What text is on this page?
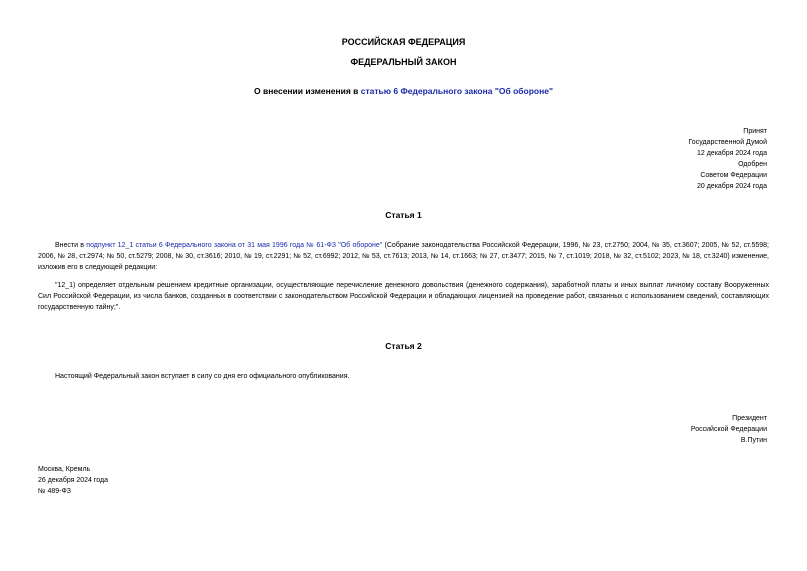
РОССИЙСКАЯ ФЕДЕРАЦИЯ
ФЕДЕРАЛЬНЫЙ ЗАКОН
О внесении изменения в статью 6 Федерального закона "Об обороне"
Принят
Государственной Думой
12 декабря 2024 года
Одобрен
Советом Федерации
20 декабря 2024 года
Статья 1
Внести в подпункт 12_1 статьи 6 Федерального закона от 31 мая 1996 года № 61-ФЗ "Об обороне" (Собрание законодательства Российской Федерации, 1996, № 23, ст.2750; 2004, № 35, ст.3607; 2005, № 52, ст.5598; 2006, № 28, ст.2974; № 50, ст.5279; 2008, № 30, ст.3616; 2010, № 19, ст.2291; № 52, ст.6992; 2012, № 53, ст.7613; 2013, № 14, ст.1663; № 27, ст.3477; 2015, № 7, ст.1019; 2018, № 32, ст.5102; 2023, № 18, ст.3240) изменение, изложив его в следующей редакции:
"12_1) определяет отдельным решением кредитные организации, осуществляющие перечисление денежного довольствия (денежного содержания), заработной платы и иных выплат личному составу Вооруженных Сил Российской Федерации, из числа банков, созданных в соответствии с законодательством Российской Федерации и обладающих лицензией на проведение работ, связанных с использованием сведений, составляющих государственную тайну;".
Статья 2
Настоящий Федеральный закон вступает в силу со дня его официального опубликования.
Президент
Российской Федерации
В.Путин
Москва, Кремль
26 декабря 2024 года
№ 489-ФЗ
